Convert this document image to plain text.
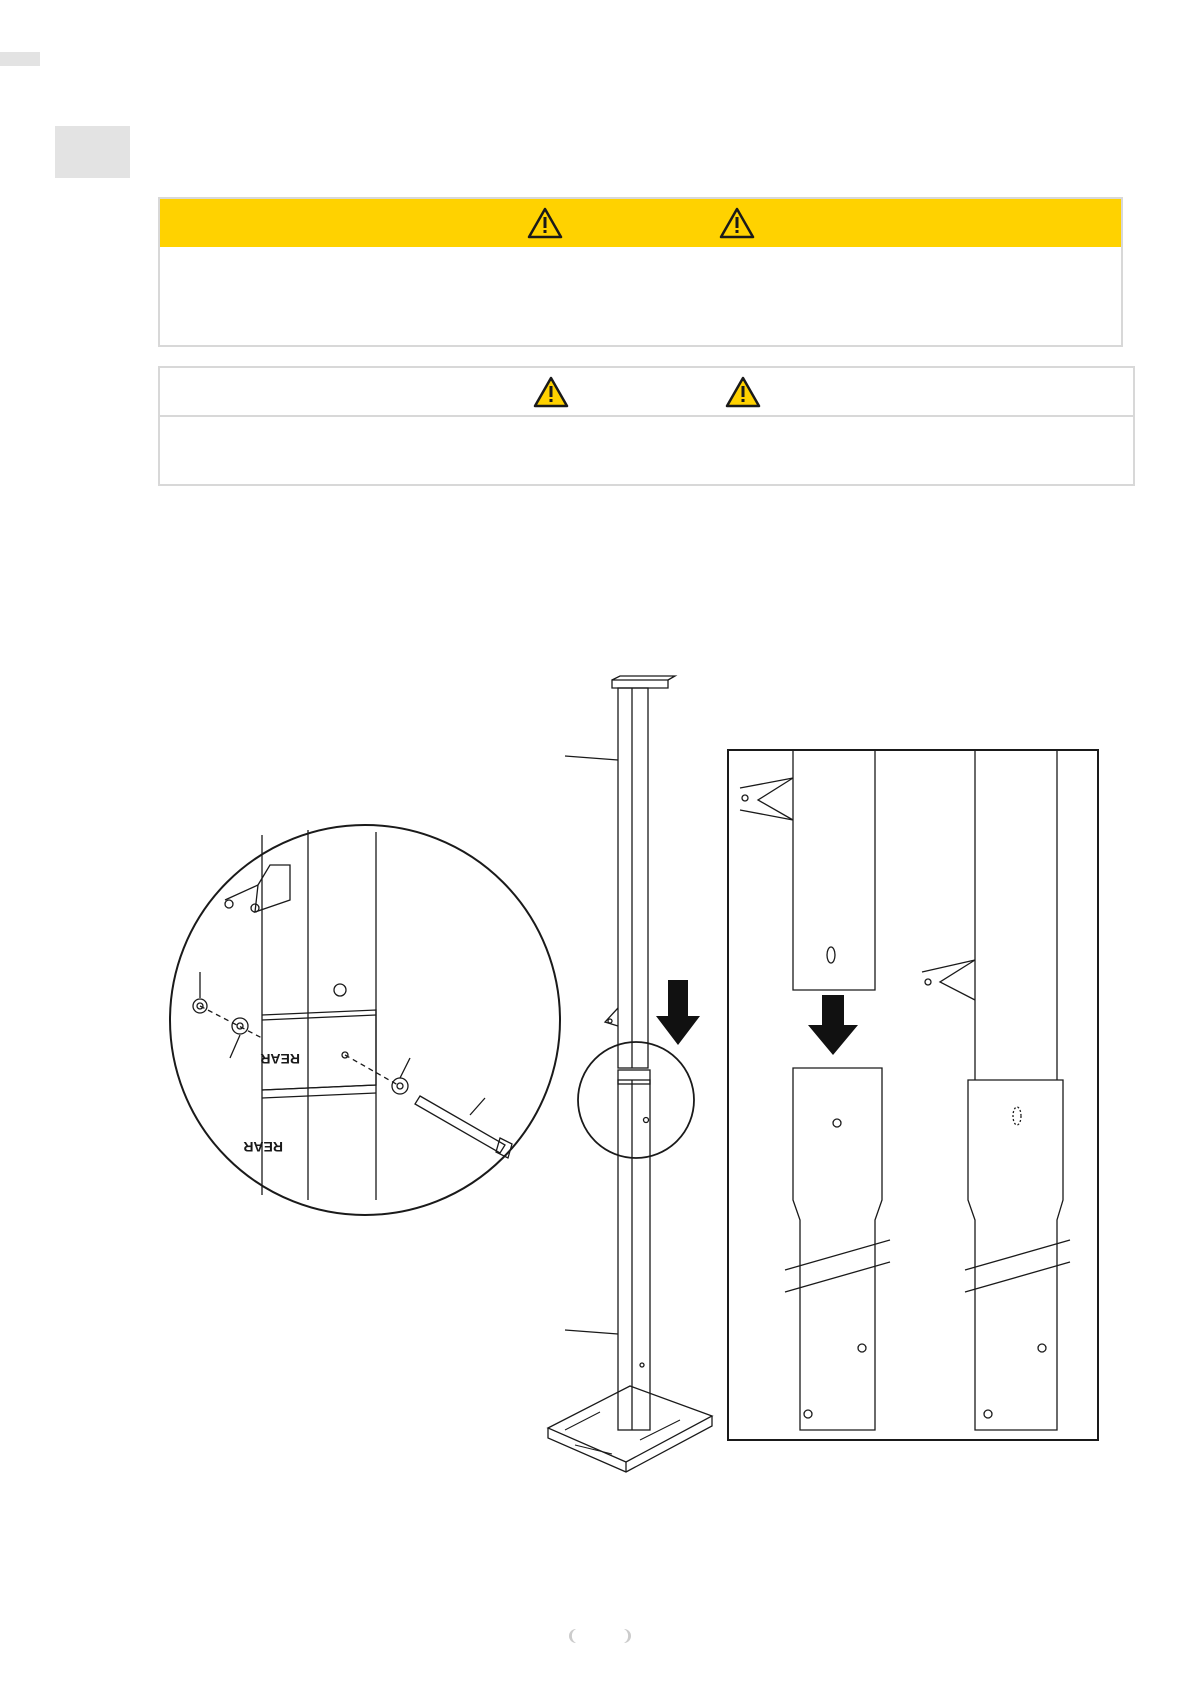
REAR
REAR
